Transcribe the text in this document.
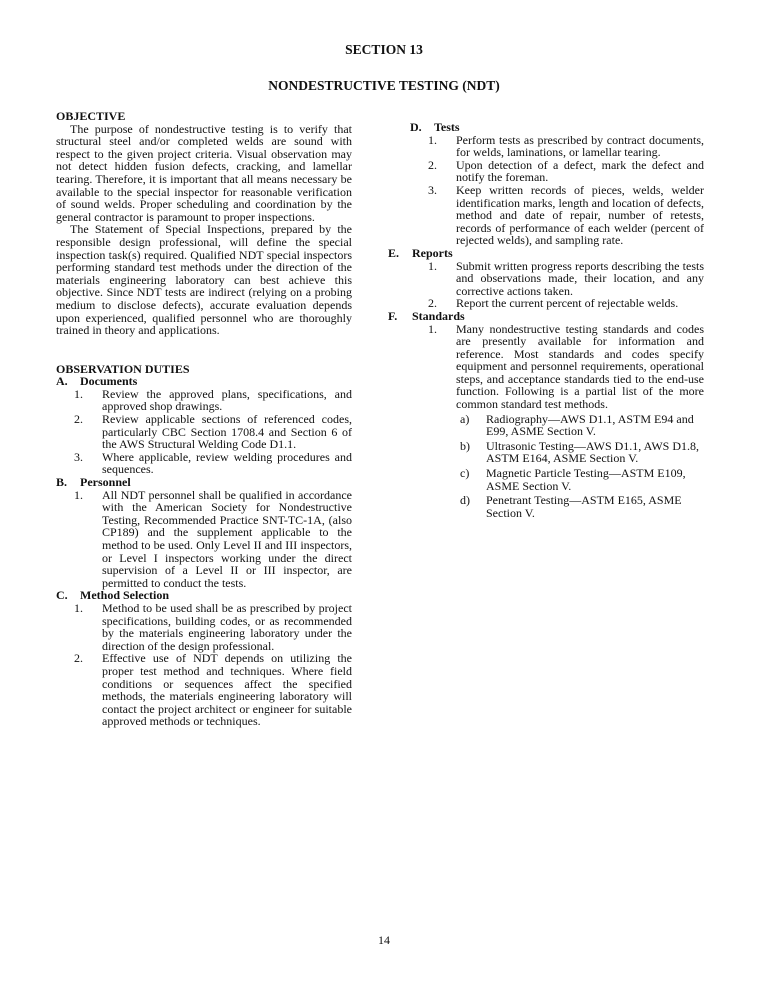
SECTION 13
NONDESTRUCTIVE TESTING (NDT)
OBJECTIVE

The purpose of nondestructive testing is to verify that structural steel and/or completed welds are sound with respect to the given project criteria. Visual observation may not detect hidden fusion defects, cracking, and lamellar tearing. Therefore, it is important that all means necessary be available to the special inspector for reasonable verification of sound welds. Proper scheduling and coordination by the general contractor is paramount to proper inspections.

The Statement of Special Inspections, prepared by the responsible design professional, will define the special inspection task(s) required. Qualified NDT special inspectors performing standard test methods under the direction of the materials engineering laboratory can best achieve this objective. Since NDT tests are indirect (relying on a probing medium to disclose defects), accurate evaluation depends upon experienced, qualified personnel who are thoroughly trained in theory and applications.

OBSERVATION DUTIES
A.	Documents
1.	Review the approved plans, specifications, and approved shop drawings.
2.	Review applicable sections of referenced codes, particularly CBC Section 1708.4 and Section 6 of the AWS Structural Welding Code D1.1.
3.	Where applicable, review welding procedures and sequences.
B.	Personnel
1.	All NDT personnel shall be qualified in accordance with the American Society for Nondestructive Testing, Recommended Practice SNT-TC-1A, (also CP189) and the supplement applicable to the method to be used. Only Level II and III inspectors, or Level I inspectors working under the direct supervision of a Level II or III inspector, are permitted to conduct the tests.
C.	Method Selection
1.	Method to be used shall be as prescribed by project specifications, building codes, or as recommended by the materials engineering laboratory under the direction of the design professional.
2.	Effective use of NDT depends on utilizing the proper test method and techniques. Where field conditions or sequences affect the specified methods, the materials engineering laboratory will contact the project architect or engineer for suitable approved methods or techniques.
D.	Tests
1.	Perform tests as prescribed by contract documents, for welds, laminations, or lamellar tearing.
2.	Upon detection of a defect, mark the defect and notify the foreman.
3.	Keep written records of pieces, welds, welder identification marks, length and location of defects, method and date of repair, number of retests, records of performance of each welder (percent of rejected welds), and sampling rate.
E.	Reports
1.	Submit written progress reports describing the tests and observations made, their location, and any corrective actions taken.
2.	Report the current percent of rejectable welds.
F.	Standards
1.	Many nondestructive testing standards and codes are presently available for information and reference. Most standards and codes specify equipment and personnel requirements, operational steps, and acceptance standards tied to the end-use function. Following is a partial list of the more common standard test methods.
a)	Radiography—AWS D1.1, ASTM E94 and E99, ASME Section V.
b)	Ultrasonic Testing—AWS D1.1, AWS D1.8, ASTM E164, ASME Section V.
c)	Magnetic Particle Testing—ASTM E109, ASME Section V.
d)	Penetrant Testing—ASTM E165, ASME Section V.
14
